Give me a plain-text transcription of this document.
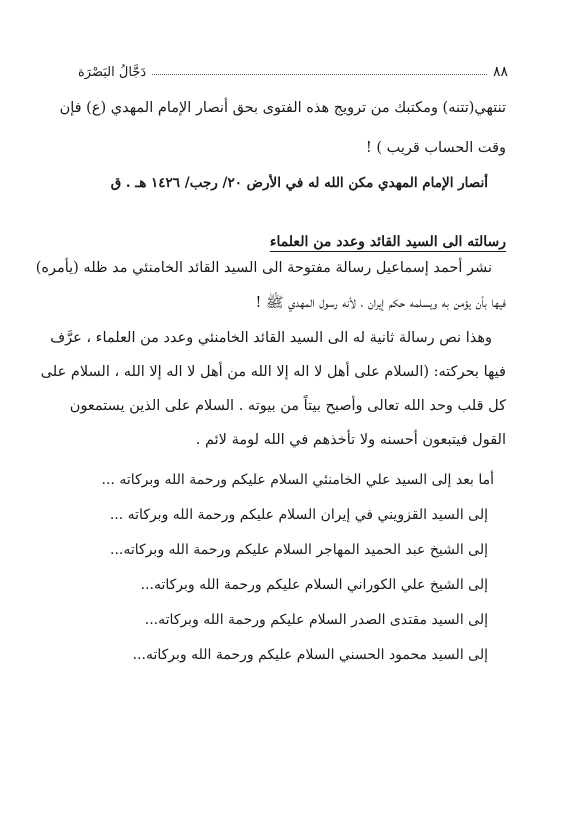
٨٨
دَجَّالُ البَصْرَة
تنتهي(تتنه) ومكتبك من ترويج هذه الفتوى بحق أنصار الإمام المهدي (ع) فإن
وقت الحساب قريب ) !
أنصار الإمام المهدي مكن الله له في الأرض ٢٠/ رجب/ ١٤٢٦ هـ . ق
رسالته الى السيد القائد وعدد من العلماء
نشر أحمد إسماعيل رسالة مفتوحة الى السيد القائد الخامنئي مد ظله (يأمره)
فيها بأن يؤمن به ويسلمه حكم إيران ، لأنه رسول المهدي ﷺ !
وهذا نص رسالة ثانية له الى السيد القائد الخامنئي وعدد من العلماء ، عرَّف
فيها بحركته: (السلام على أهل لا اله إلا الله من أهل لا اله إلا الله ، السلام على
كل قلب وحد الله تعالى وأصبح بيتاً من بيوته . السلام على الذين يستمعون
القول فيتبعون أحسنه ولا تأخذهم في الله لومة لائم .
أما بعد إلى السيد علي الخامنئي السلام عليكم ورحمة الله وبركاته ...
إلى السيد القزويني في إيران السلام عليكم ورحمة الله وبركاته ...
إلى الشيخ عبد الحميد المهاجر السلام عليكم ورحمة الله وبركاته...
إلى الشيخ علي الكوراني السلام عليكم ورحمة الله وبركاته...
إلى السيد مقتدى الصدر السلام عليكم ورحمة الله وبركاته...
إلى السيد محمود الحسني السلام عليكم ورحمة الله وبركاته...
